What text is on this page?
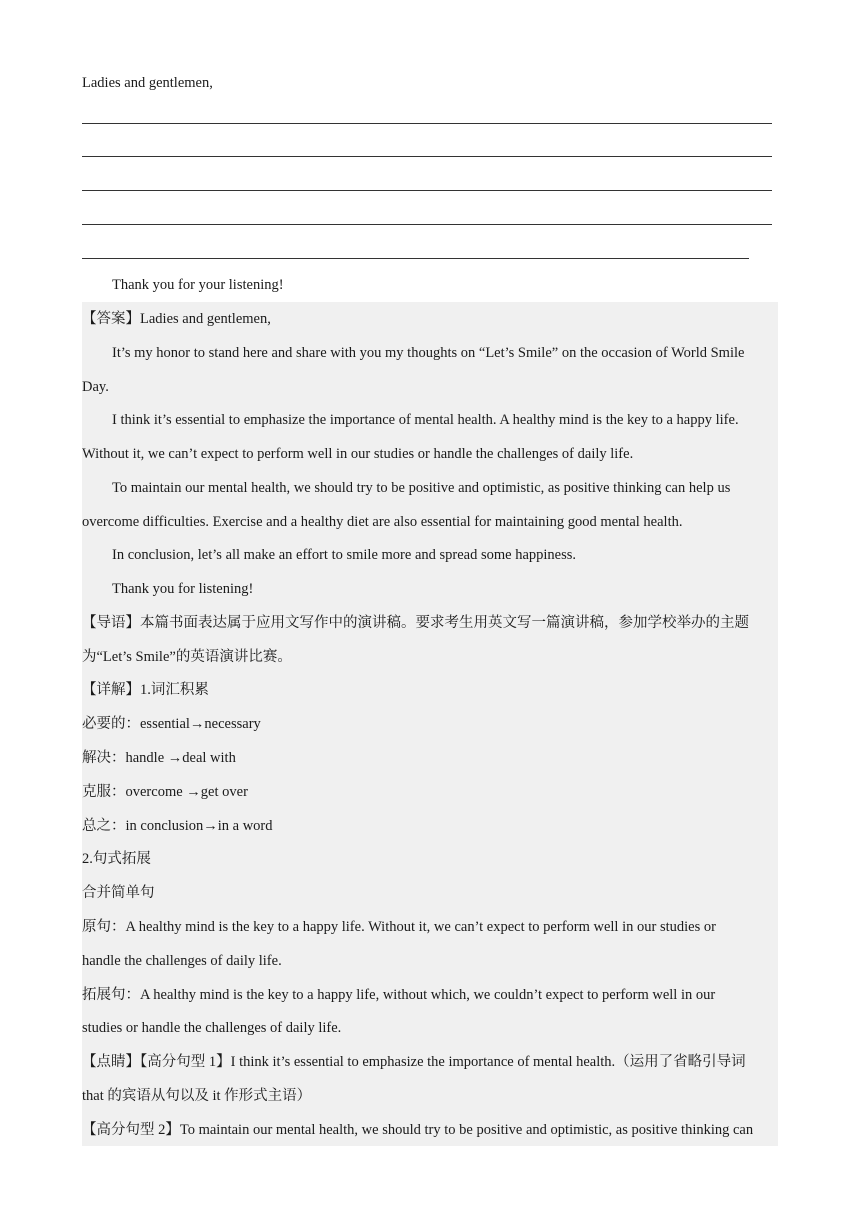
Ladies and gentlemen,
Thank you for your listening!
【答案】Ladies and gentlemen,
It’s my honor to stand here and share with you my thoughts on “Let’s Smile” on the occasion of World Smile
Day.
I think it’s essential to emphasize the importance of mental health. A healthy mind is the key to a happy life.
Without it, we can’t expect to perform well in our studies or handle the challenges of daily life.
To maintain our mental health, we should try to be positive and optimistic, as positive thinking can help us
overcome difficulties. Exercise and a healthy diet are also essential for maintaining good mental health.
In conclusion, let’s all make an effort to smile more and spread some happiness.
Thank you for listening!
【导语】本篇书面表达属于应用文写作中的演讲稿。要求考生用英文写一篇演讲稿，参加学校举办的主题
为“Let’s Smile”的英语演讲比赛。
【详解】1.词汇积累
必要的：essential→necessary
解决：handle →deal with
克服：overcome →get over
总之：in conclusion→in a word
2.句式拓展
合并简单句
原句：A healthy mind is the key to a happy life. Without it, we can’t expect to perform well in our studies or
handle the challenges of daily life.
拓展句：A healthy mind is the key to a happy life, without which, we couldn’t expect to perform well in our
studies or handle the challenges of daily life.
【点睛】【高分句型 1】I think it’s essential to emphasize the importance of mental health.（运用了省略引导词
that 的宾语从句以及 it 作形式主语）
【高分句型 2】To maintain our mental health, we should try to be positive and optimistic, as positive thinking can
